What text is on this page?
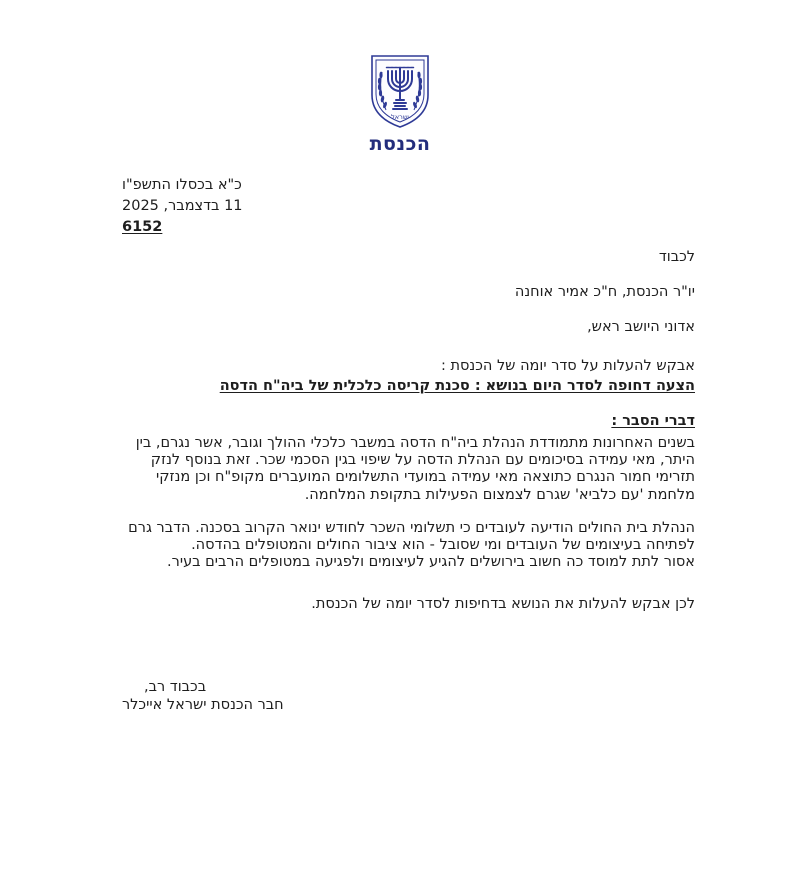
ישראל
הכנסת
כ"א בכסלו התשפ"ו
11 בדצמבר, 2025
6152
לכבוד
יו"ר הכנסת, ח"כ אמיר אוחנה
אדוני היושב ראש,
אבקש להעלות על סדר יומה של הכנסת :
הצעה דחופה לסדר היום בנושא : סכנת קריסה כלכלית של ביה"ח הדסה
דברי הסבר :
בשנים האחרונות מתמודדת הנהלת ביה"ח הדסה במשבר כלכלי ההולך וגובר, אשר נגרם, בין
היתר, מאי עמידה בסיכומים עם הנהלת הדסה על שיפוי בגין הסכמי שכר. זאת בנוסף לנזק
תזרימי חמור הנגרם כתוצאה מאי עמידה במועדי התשלומים המועברים מקופ"ח וכן מנזקי
מלחמת 'עם כלביא' שגרם לצמצום הפעילות בתקופת המלחמה.
הנהלת בית החולים הודיעה לעובדים כי תשלומי השכר לחודש ינואר הקרוב בסכנה. הדבר גרם
לפתיחה בעיצומים של העובדים ומי שסובל - הוא ציבור החולים והמטופלים בהדסה.
אסור לתת למוסד כה חשוב בירושלים להגיע לעיצומים ולפגיעה במטופלים הרבים בעיר.
לכן אבקש להעלות את הנושא בדחיפות לסדר יומה של הכנסת.
בכבוד רב,
חבר הכנסת ישראל אייכלר
